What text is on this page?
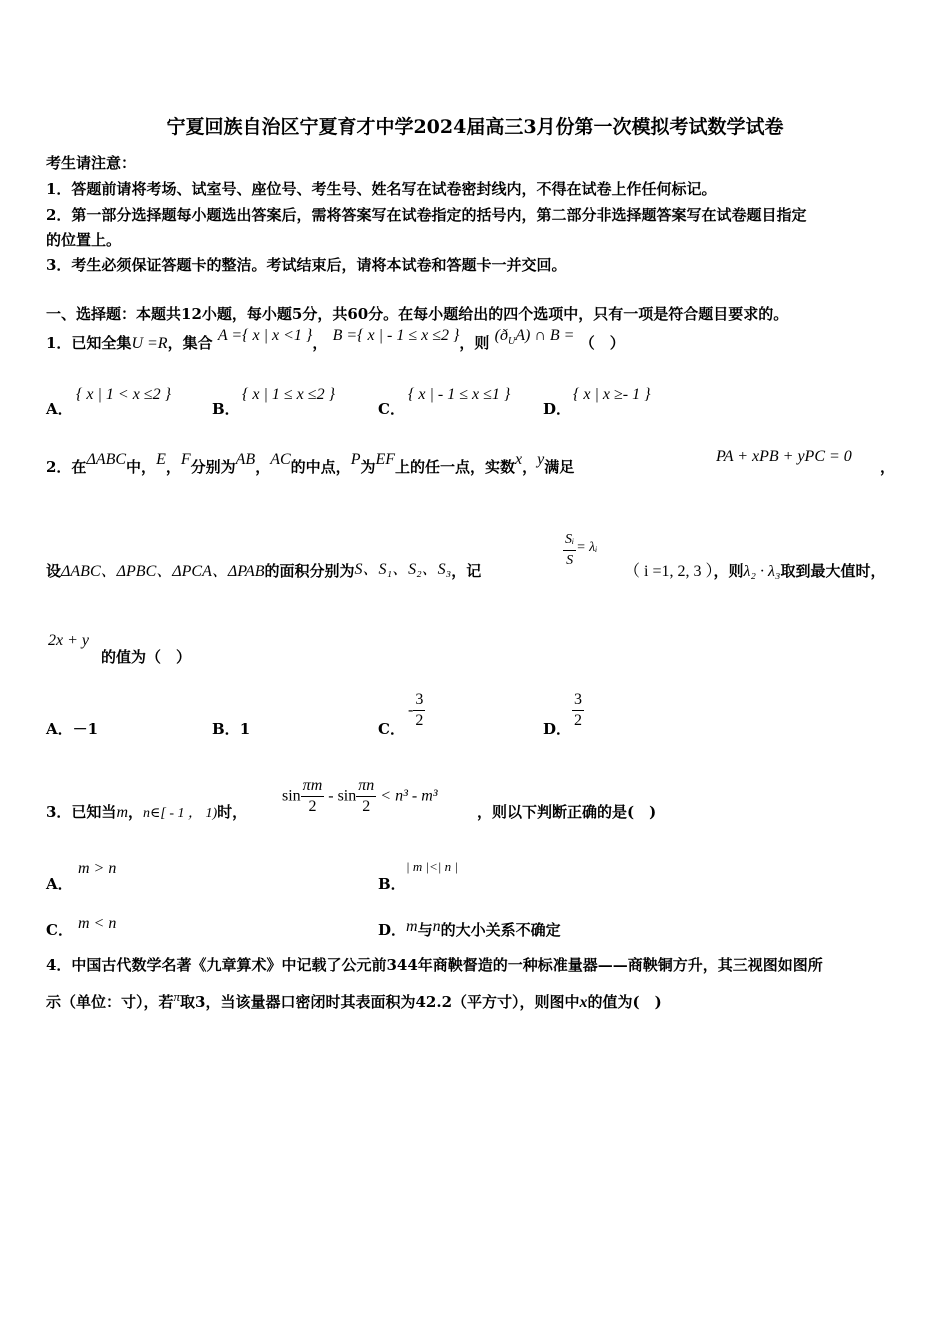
宁夏回族自治区宁夏育才中学2024届高三3月份第一次模拟考试数学试卷
考生请注意：
1．答题前请将考场、试室号、座位号、考生号、姓名写在试卷密封线内，不得在试卷上作任何标记。
2．第一部分选择题每小题选出答案后，需将答案写在试卷指定的括号内，第二部分非选择题答案写在试卷题目指定
的位置上。
3．考生必须保证答题卡的整洁。考试结束后，请将本试卷和答题卡一并交回。
一、选择题：本题共12小题，每小题5分，共60分。在每小题给出的四个选项中，只有一项是符合题目要求的。
1．已知全集U =R，集合 A ={ x | x <1 }， B ={ x | - 1 ≤ x ≤2 }，则 $(ð_UA)$ ∩ B = （　）
A．
{ x | 1 < x ≤2 }
B．
{ x | 1 ≤ x ≤2 }
C．
{ x | - 1 ≤ x ≤1 }
D．
{ x | x ≥- 1 }
2．在ΔABC中，E，F分别为AB，AC的中点，P为EF上的任一点，实数x，y满足
PA + xPB + yPC = 0
，
设ΔABC、ΔPBC、ΔPCA、ΔPAB的面积分别为S、S₁、S₂、S₃，记	$\frac{\text{Sᵢ}}{S}$ = λᵢ
（ i =1, 2, 3 ），则λ₂ · λ₃取到最大值时，
2x + y
的值为（　）
A．－1	B．1	C．
- $\frac{3}{2}$	D． $\frac{3}{2}$
3．已知当m，n∈[ - 1 ， 1)时，
$\sin \frac{\pi m}{2} - \sin \frac{\pi n}{2} < n^3 - m^3$
，则以下判断正确的是(　)
A．
m > n
B．
| m |<| n |
C． m < n	D．m与n的大小关系不确定
4．中国古代数学名著《九章算术》中记载了公元前344年商鞅督造的一种标准量器——商鞅铜方升，其三视图如图所
示（单位：寸），若π取3，当该量器口密闭时其表面积为42.2（平方寸），则图中x的值为(　)
